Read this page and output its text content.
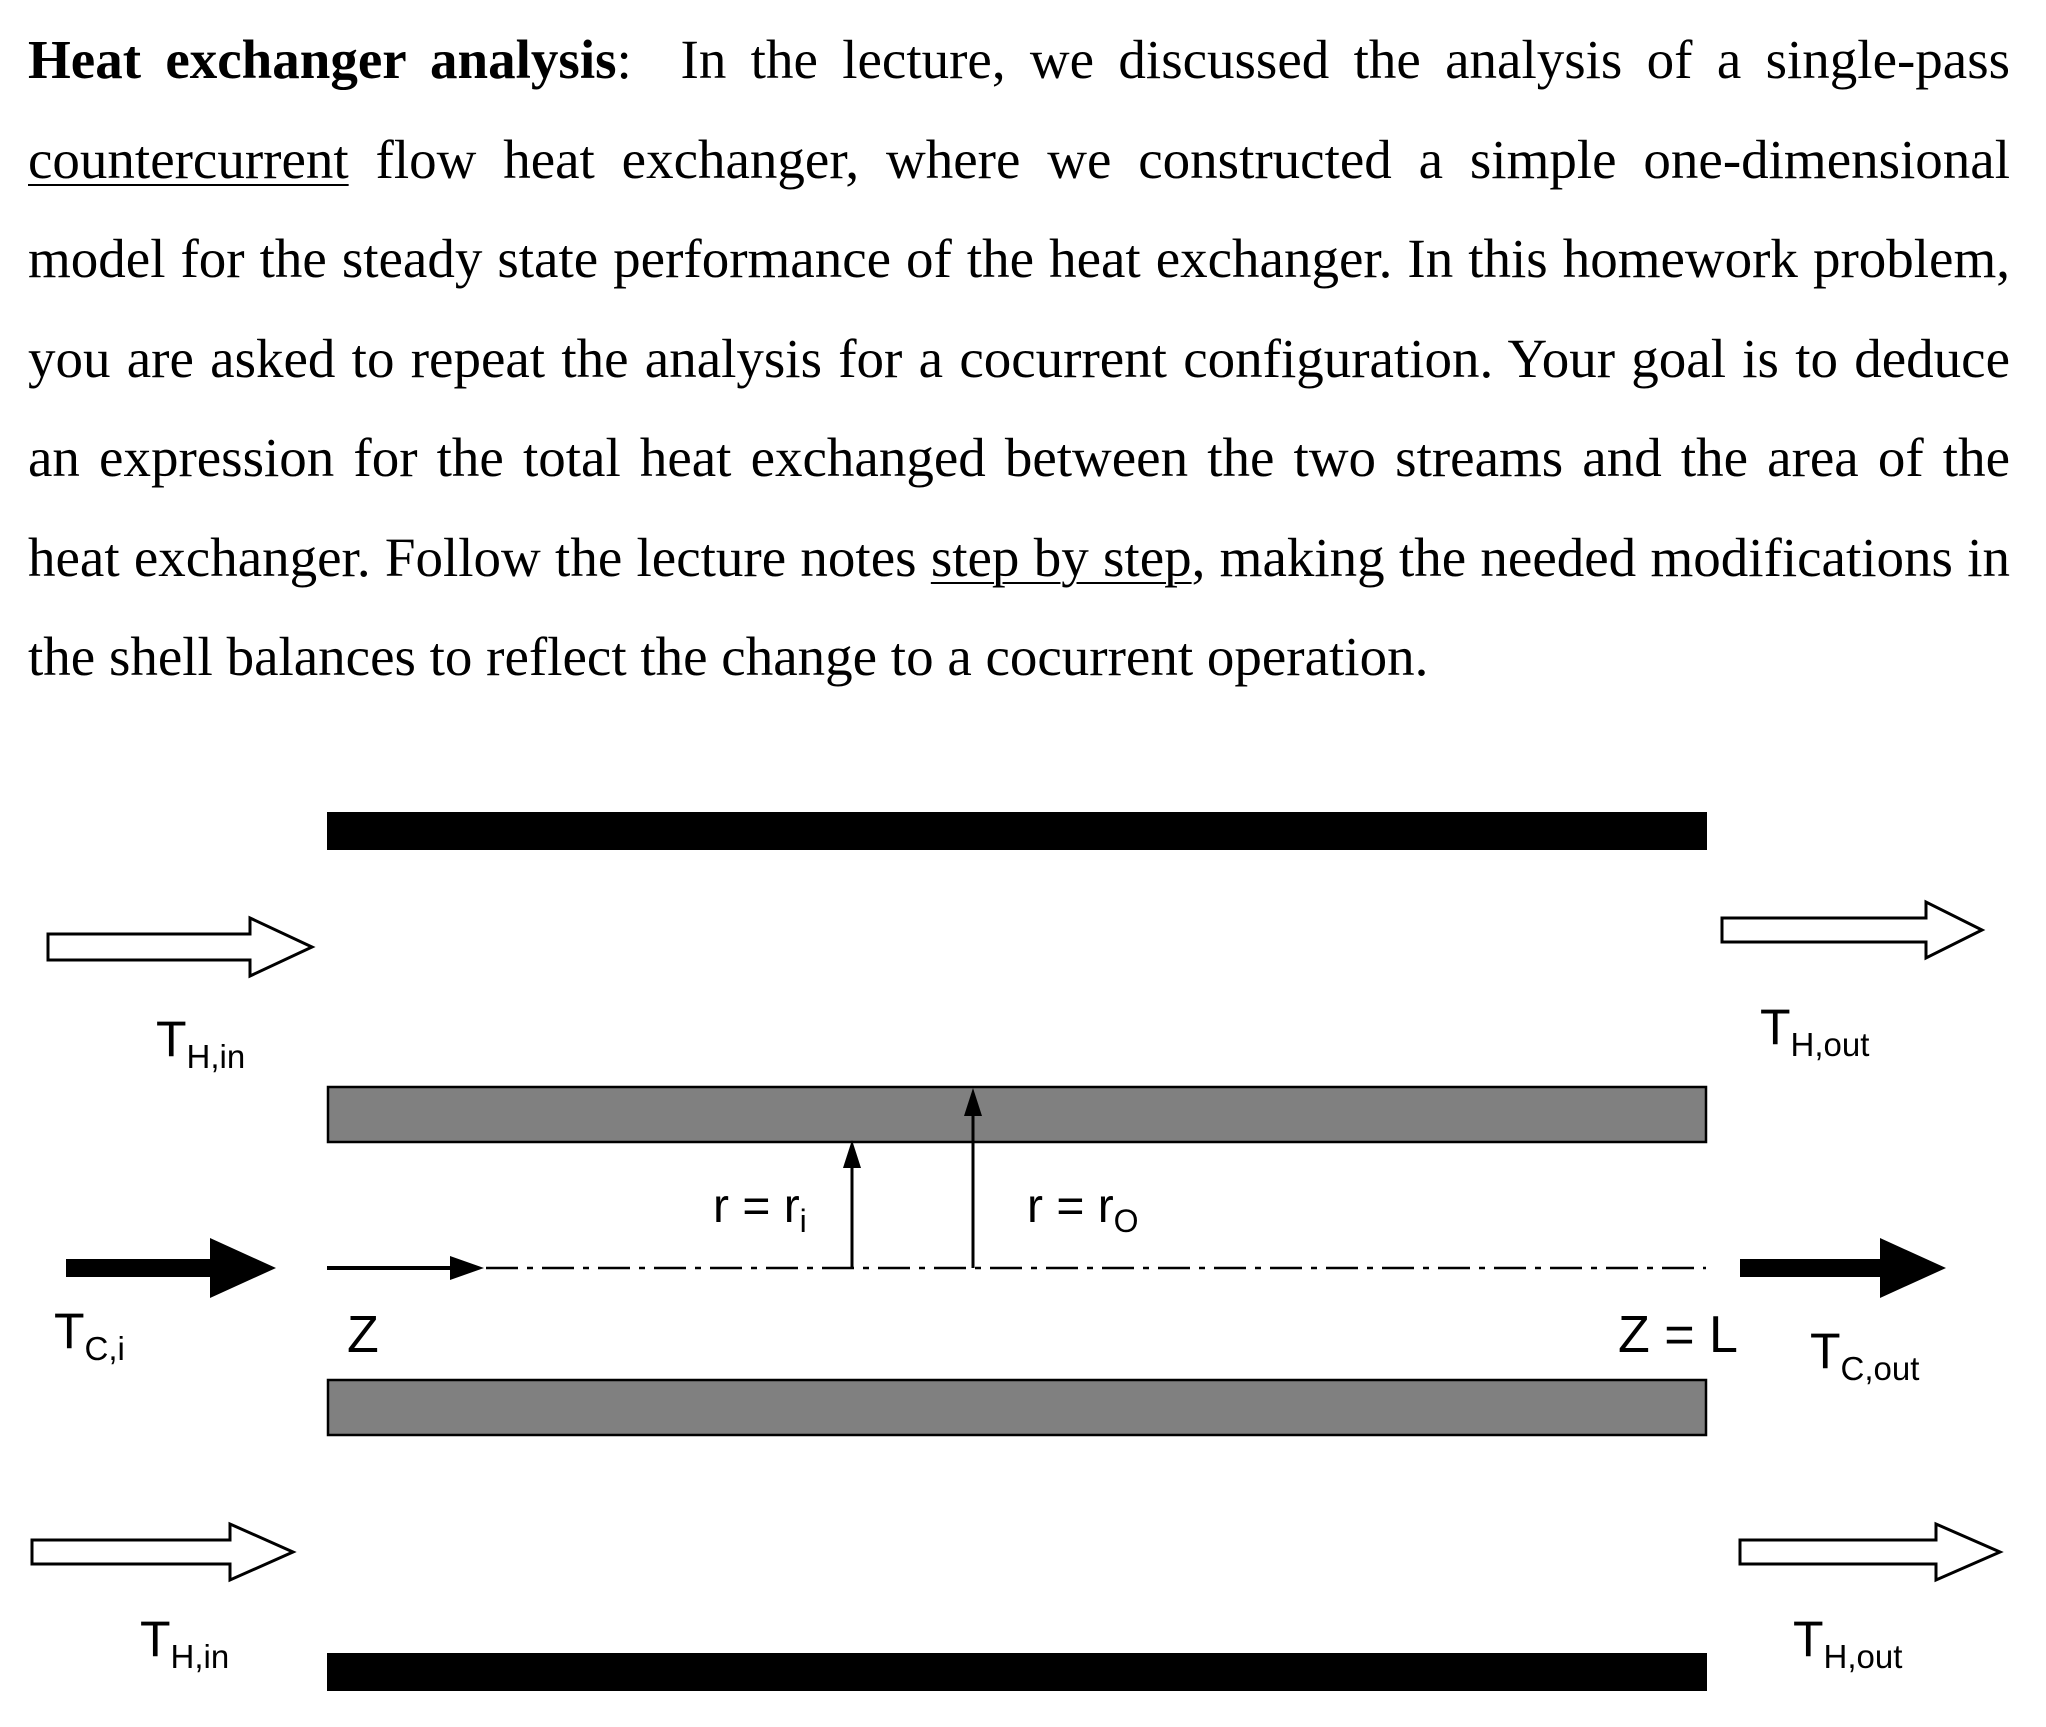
Heat exchanger analysis: In the lecture, we discussed the analysis of a single-pass countercurrent flow heat exchanger, where we constructed a simple one-dimensional model for the steady state performance of the heat exchanger. In this homework problem, you are asked to repeat the analysis for a cocurrent configuration. Your goal is to deduce an expression for the total heat exchanged between the two streams and the area of the heat exchanger. Follow the lecture notes step by step, making the needed modifications in the shell balances to reflect the change to a cocurrent operation.

$T_{H,in}$
$T_{H,out}$
$T_{H,in}$	$T_{H,out}$
$T_{C,i}$	$T_{C,out}$
$r = r_i$	$r = r_O$
Z	Z = L
